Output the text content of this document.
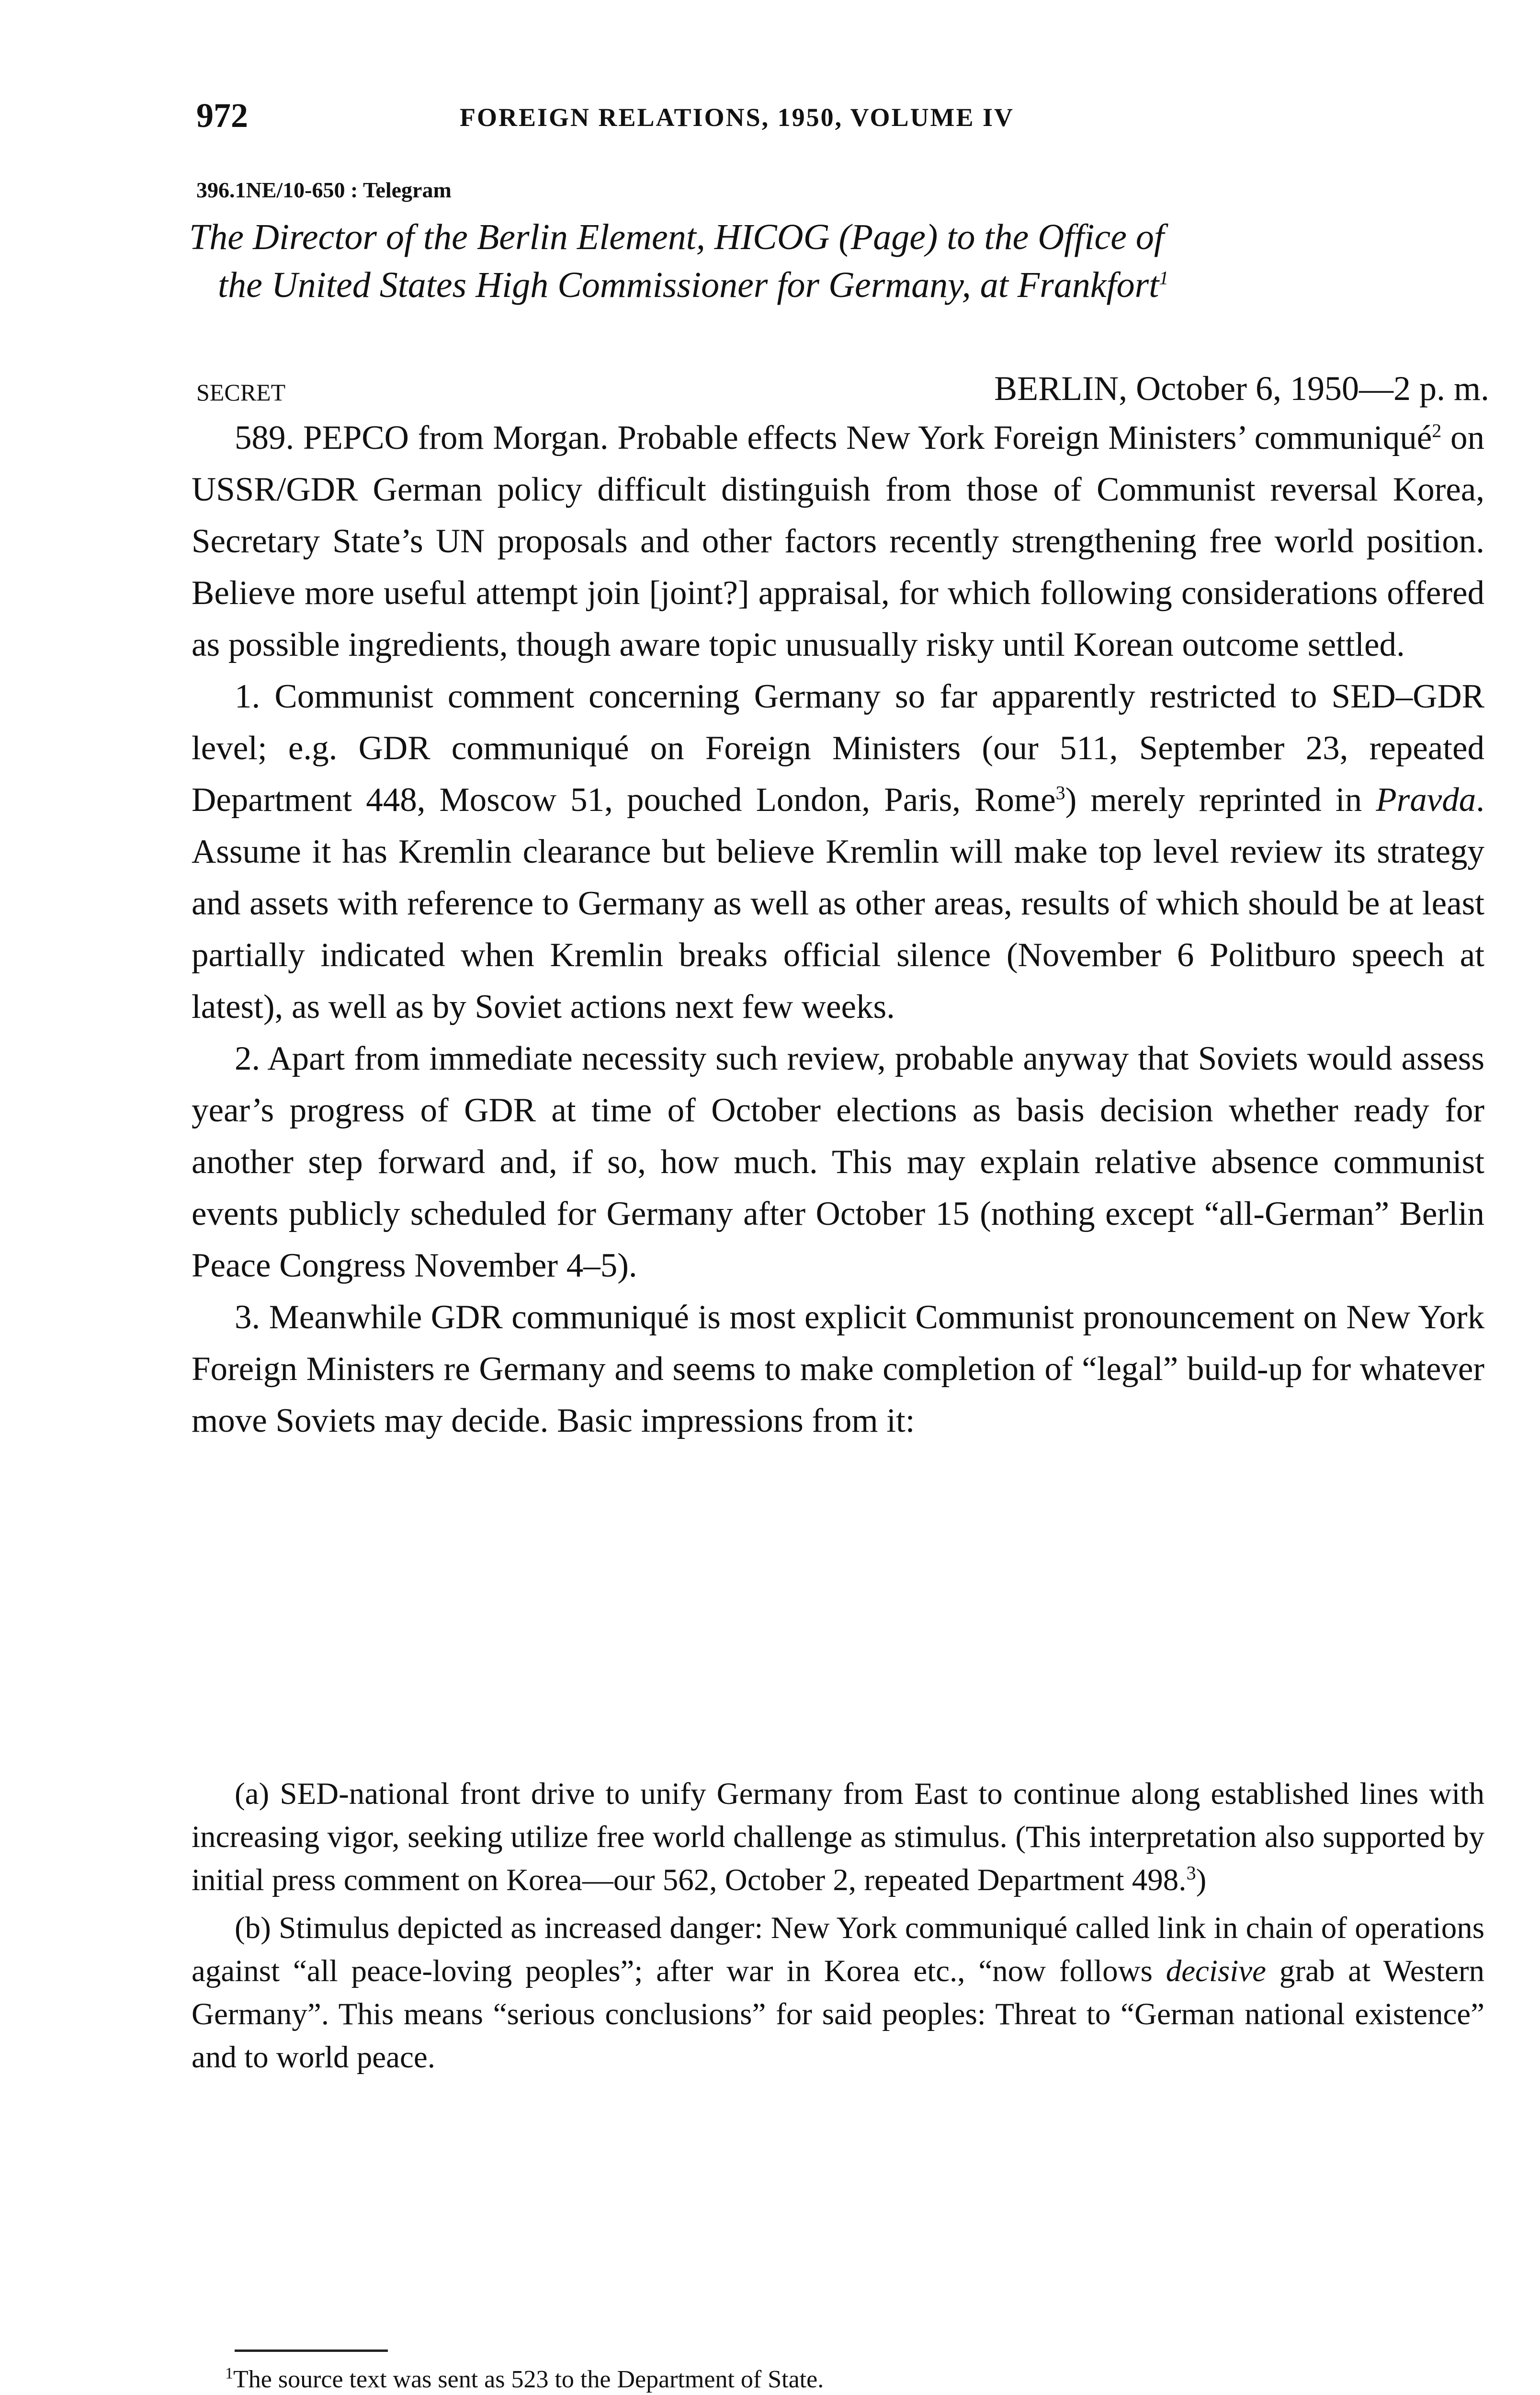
972	FOREIGN RELATIONS, 1950, VOLUME IV
396.1NE/10-650 : Telegram
The Director of the Berlin Element, HICOG (Page) to the Office of
the United States High Commissioner for Germany, at Frankfort$^1$
SECRET	BERLIN, October 6, 1950—2 p. m.

589. PEPCO from Morgan. Probable effects New York Foreign Ministers’ communiqué$^2$ on USSR/GDR German policy difficult distinguish from those of Communist reversal Korea, Secretary State’s UN proposals and other factors recently strengthening free world position. Believe more useful attempt join [joint?] appraisal, for which following considerations offered as possible ingredients, though aware topic unusually risky until Korean outcome settled.

1. Communist comment concerning Germany so far apparently restricted to SED–GDR level; e.g. GDR communiqué on Foreign Ministers (our 511, September 23, repeated Department 448, Moscow 51, pouched London, Paris, Rome$^3$) merely reprinted in Pravda. Assume it has Kremlin clearance but believe Kremlin will make top level review its strategy and assets with reference to Germany as well as other areas, results of which should be at least partially indicated when Kremlin breaks official silence (November 6 Politburo speech at latest), as well as by Soviet actions next few weeks.

2. Apart from immediate necessity such review, probable anyway that Soviets would assess year’s progress of GDR at time of October elections as basis decision whether ready for another step forward and, if so, how much. This may explain relative absence communist events publicly scheduled for Germany after October 15 (nothing except “all-German” Berlin Peace Congress November 4–5).

3. Meanwhile GDR communiqué is most explicit Communist pronouncement on New York Foreign Ministers re Germany and seems to make completion of “legal” build-up for whatever move Soviets may decide. Basic impressions from it:

(a) SED-national front drive to unify Germany from East to continue along established lines with increasing vigor, seeking utilize free world challenge as stimulus. (This interpretation also supported by initial press comment on Korea—our 562, October 2, repeated Department 498.$^3$)

(b) Stimulus depicted as increased danger: New York communiqué called link in chain of operations against “all peace-loving peoples”; after war in Korea etc., “now follows decisive grab at Western Germany”. This means “serious conclusions” for said peoples: Threat to “German national existence” and to world peace.

$^1$The source text was sent as 523 to the Department of State.
